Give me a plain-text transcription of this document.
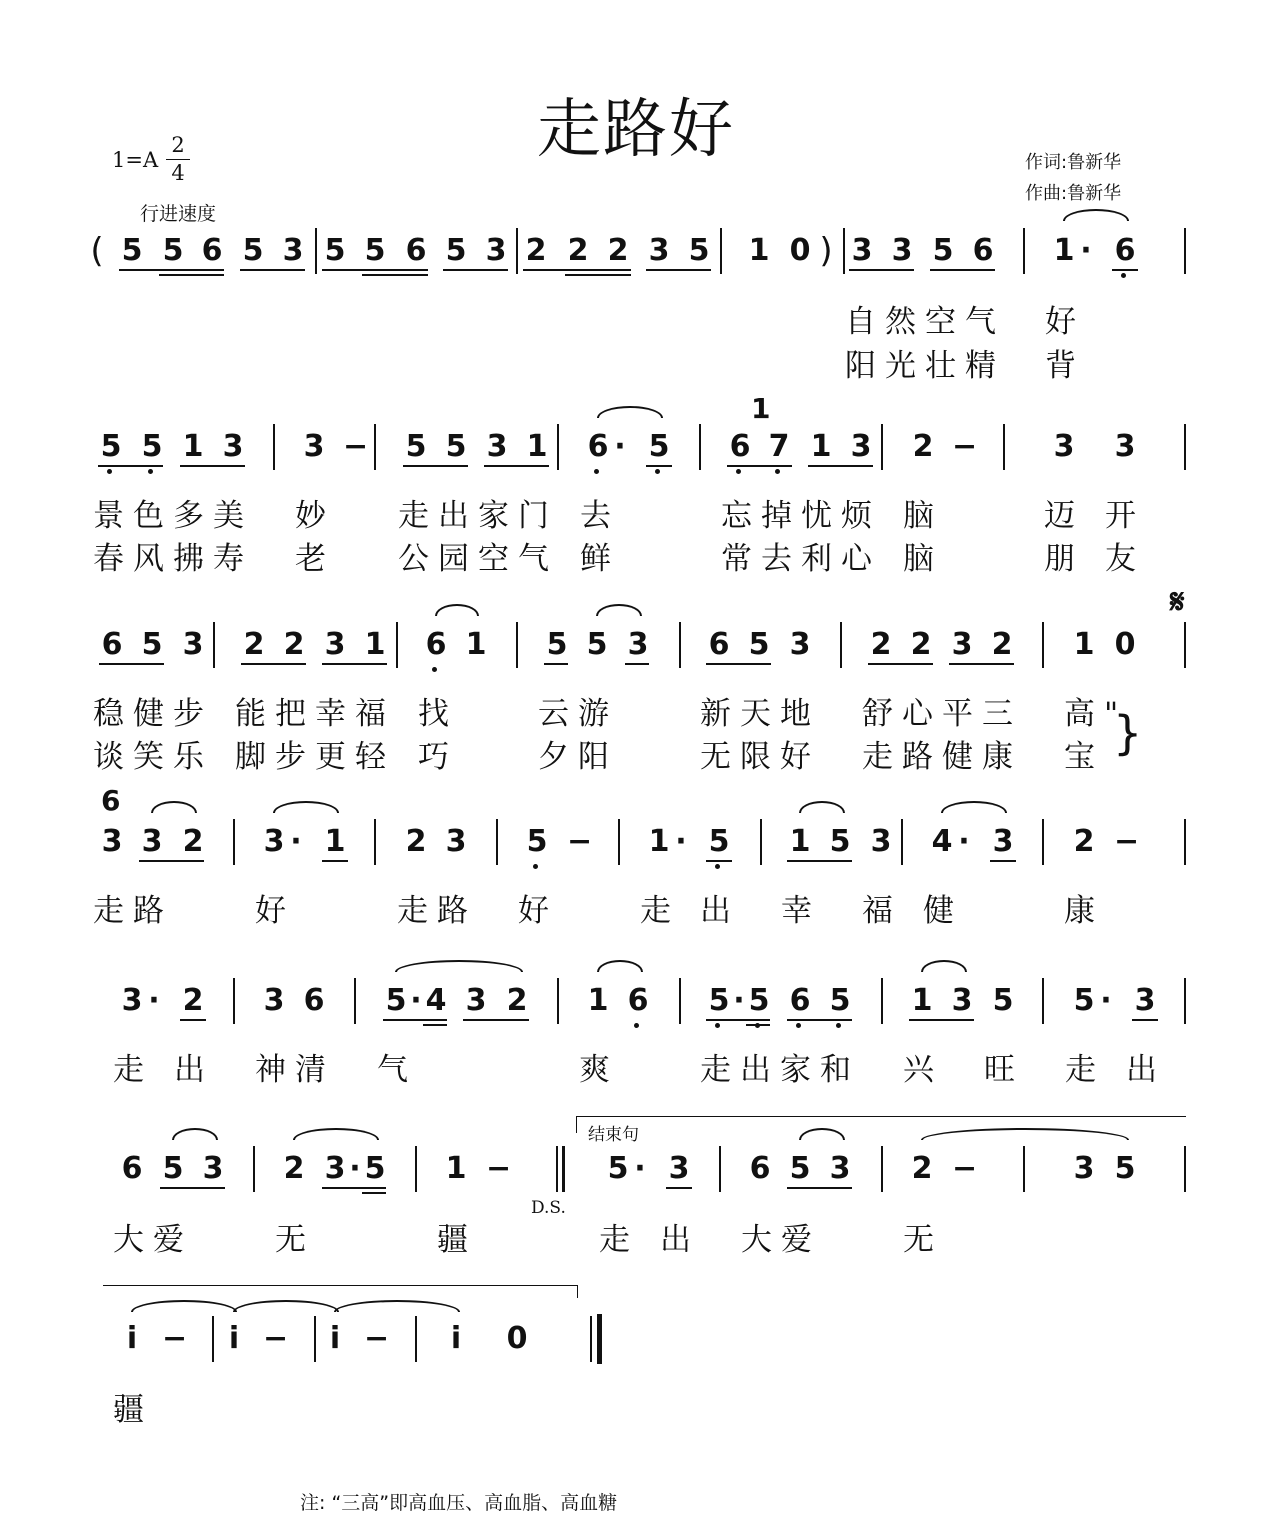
走路好
$1=A \frac{2}{4}$
行进速度
作词:鲁新华
作曲:鲁新华
( 5 5 6 5 3 5 5 6 5 3 2 2 2 3 5 1 0 ) 3 3 5 6 1 · 6
自然空气 好
阳光壮精 背
1
5 5 1 3 3 − 5 5 3 1 6 · 5 6 7 1 3 2 −	3 3
景色多美 妙 走出家门 去	忘掉忧烦 脑	迈 开
春风拂寿 老 公园空气 鲜	常去利心 脑	朋 友
𝄋
6 5 3 2 2 3 1 6 1 5 5 3 6 5 3 2 2 3 2 1 0
稳健步 能把幸福 找	云游	新天地 舒心平三 高"
谈笑乐 脚步更轻 巧	夕阳	无限好 走路健康 宝 }
6
3 3 2 3 · 1 2 3 5 − 1 · 5 1 5 3 4 · 3 2 −
走路	好	走路 好	走 出 幸 福 健	康
3 · 2 3 6 5 · 4 3 2 1 6 5 · 5 6 5 1 3 5 5 · 3
走 出 神清 气	爽	走出家和 兴 旺 走 出
结束句
6 5 3 2 3 · 5 1 −	5 · 3 6 5 3 2 −	3 5
D.S.
大爱	无	疆	走 出 大爱	无
i − i − i − i 0
疆
注: “三高”即高血压、高血脂、高血糖
